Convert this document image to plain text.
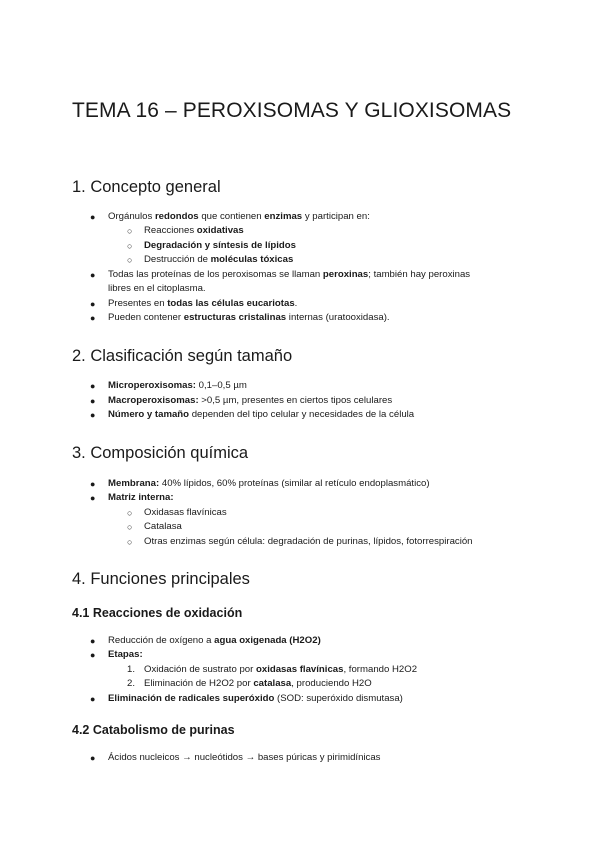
TEMA 16 – PEROXISOMAS Y GLIOXISOMAS
1. Concepto general
● Orgánulos redondos que contienen enzimas y participan en:
○ Reacciones oxidativas
○ Degradación y síntesis de lípidos
○ Destrucción de moléculas tóxicas
● Todas las proteínas de los peroxisomas se llaman peroxinas; también hay peroxinas
libres en el citoplasma.
● Presentes en todas las células eucariotas.
● Pueden contener estructuras cristalinas internas (uratooxidasa).
2. Clasificación según tamaño
● Microperoxisomas: 0,1–0,5 µm
● Macroperoxisomas: >0,5 µm, presentes en ciertos tipos celulares
● Número y tamaño dependen del tipo celular y necesidades de la célula
3. Composición química
● Membrana: 40% lípidos, 60% proteínas (similar al retículo endoplasmático)
● Matriz interna:
○ Oxidasas flavínicas
○ Catalasa
○ Otras enzimas según célula: degradación de purinas, lípidos, fotorrespiración
4. Funciones principales
4.1 Reacciones de oxidación
● Reducción de oxígeno a agua oxigenada (H2O2)
● Etapas:
1. Oxidación de sustrato por oxidasas flavínicas, formando H2O2
2. Eliminación de H2O2 por catalasa, produciendo H2O
● Eliminación de radicales superóxido (SOD: superóxido dismutasa)
4.2 Catabolismo de purinas
● Ácidos nucleicos → nucleótidos → bases púricas y pirimidínicas
